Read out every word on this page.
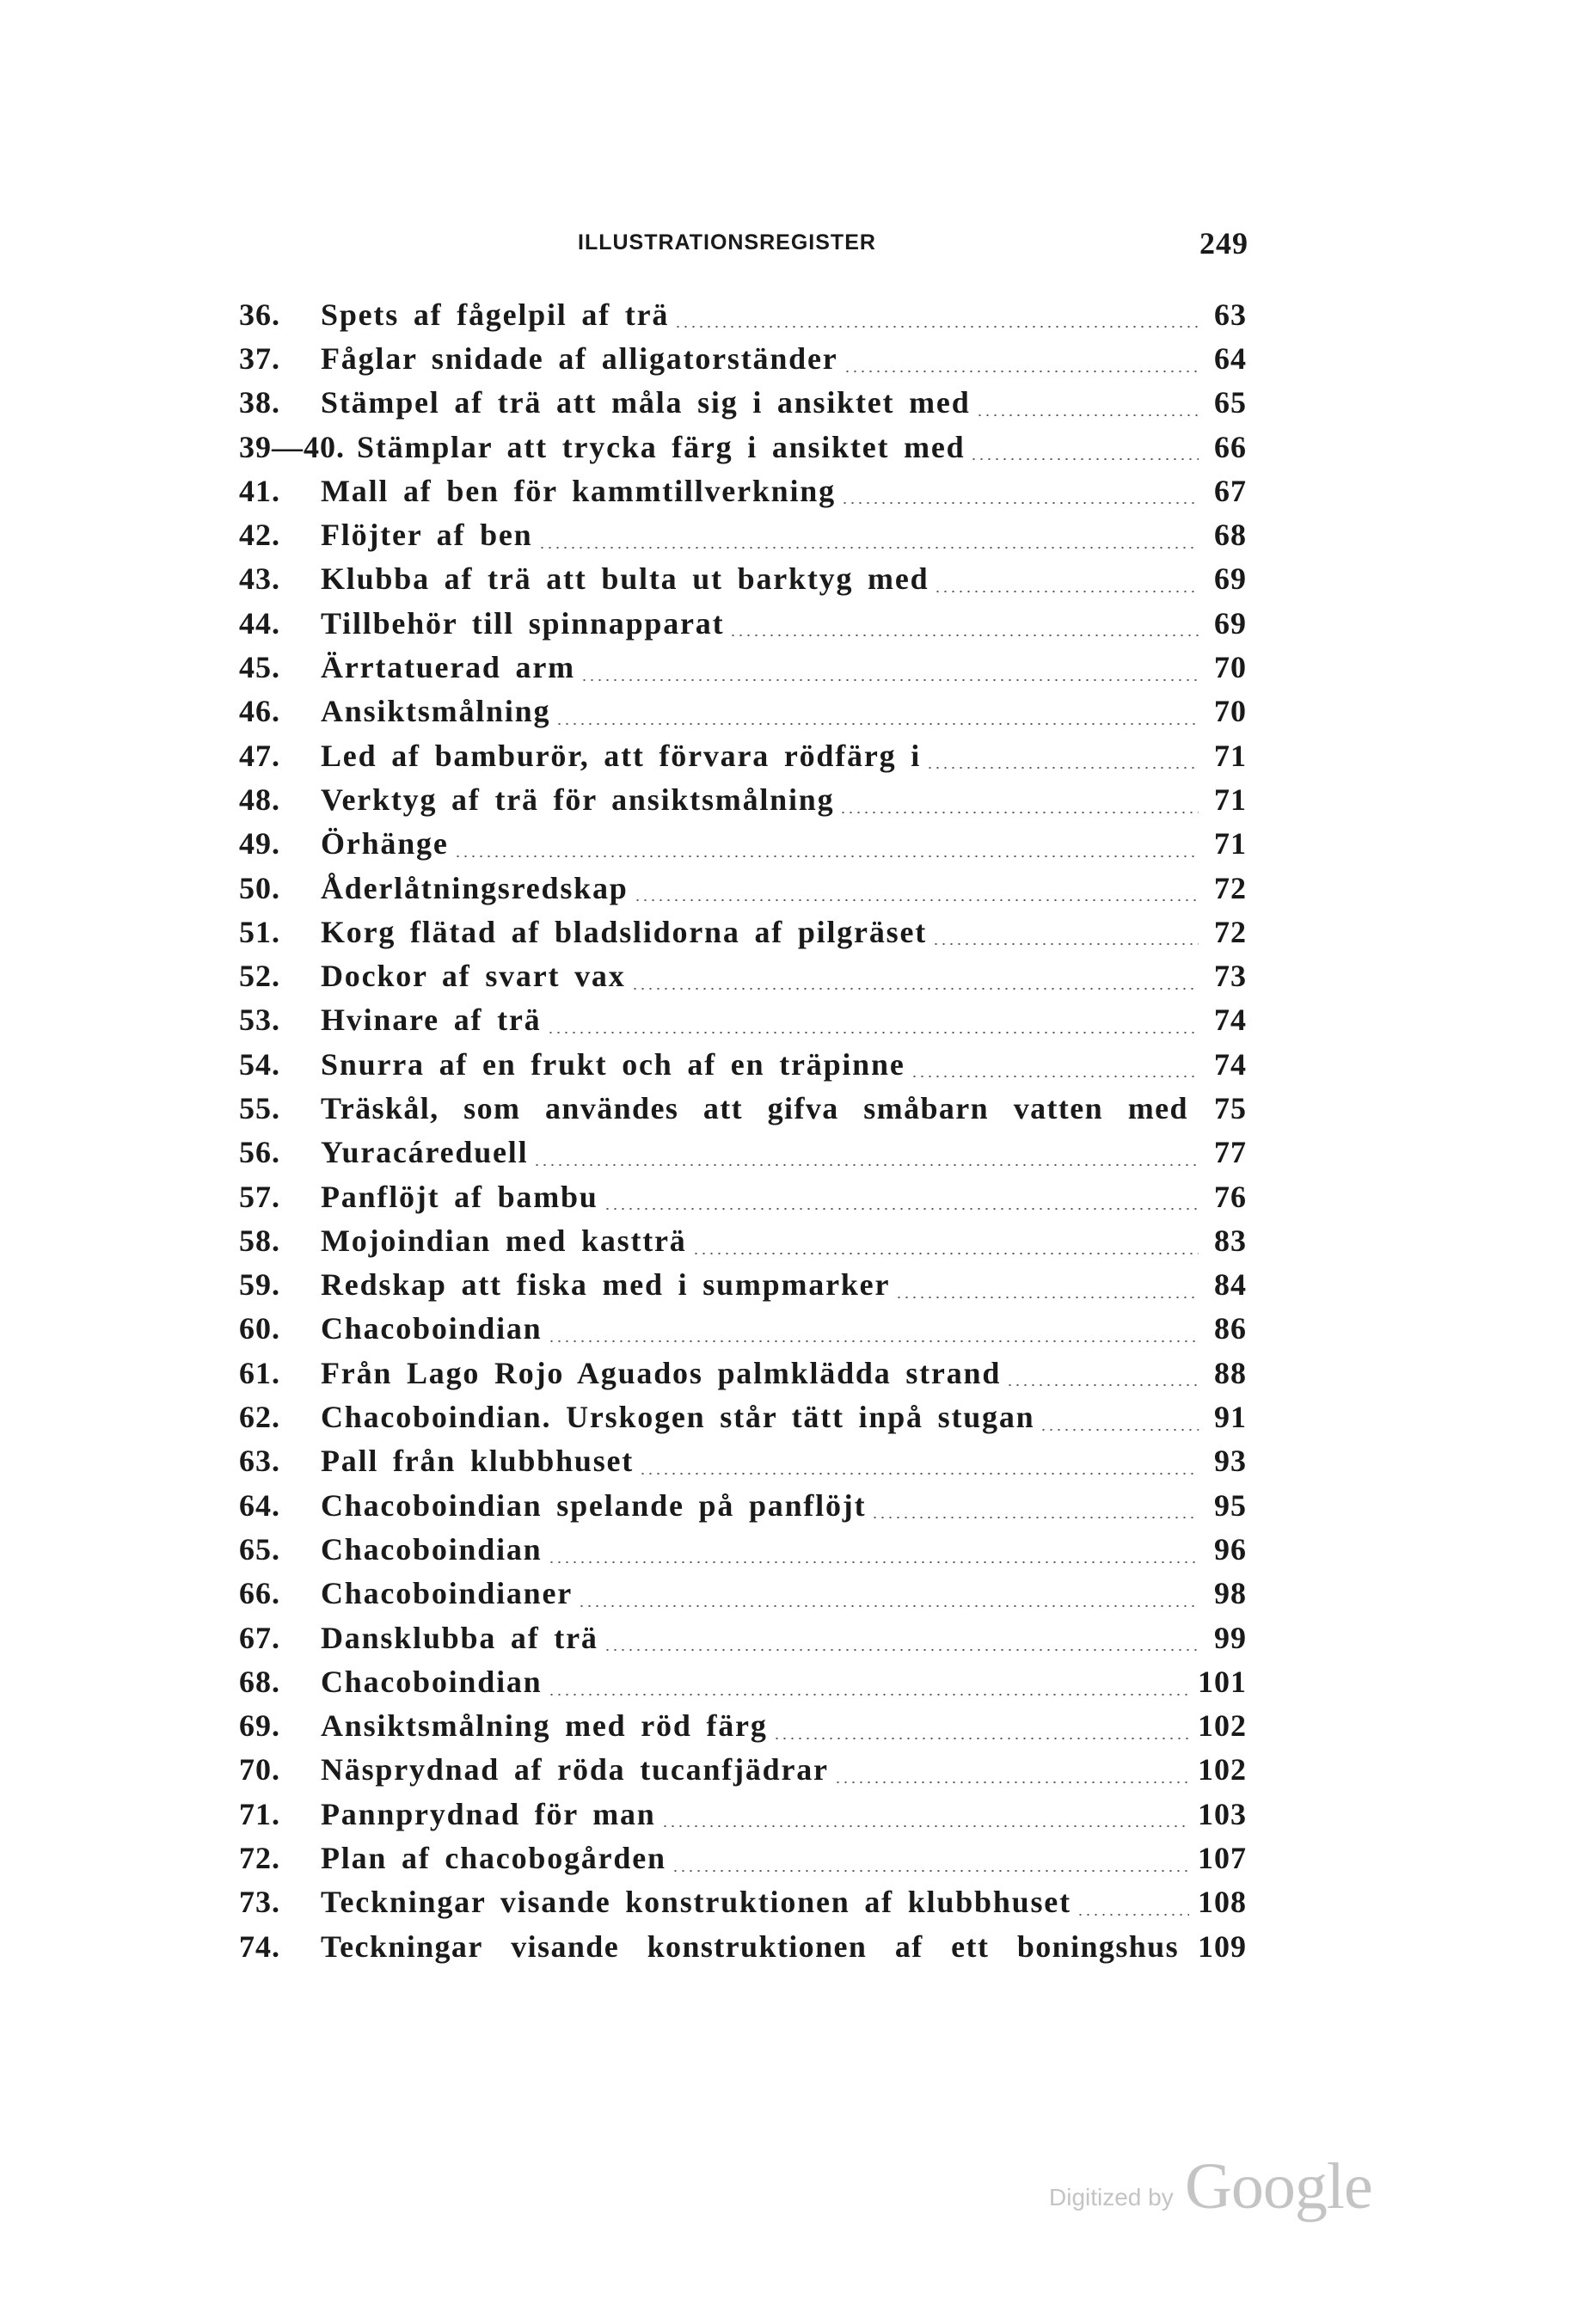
ILLUSTRATIONSREGISTER	249
36.	Spets af fågelpil af trä	63
37.	Fåglar snidade af alligatorständer	64
38.	Stämpel af trä att måla sig i ansiktet med	65
39—40. Stämplar att trycka färg i ansiktet med	66
41.	Mall af ben för kammtillverkning	67
42.	Flöjter af ben	68
43.	Klubba af trä att bulta ut barktyg med	69
44.	Tillbehör till spinnapparat	69
45.	Ärrtatuerad arm	70
46.	Ansiktsmålning	70
47.	Led af bamburör, att förvara rödfärg i	71
48.	Verktyg af trä för ansiktsmålning	71
49.	Örhänge	71
50.	Åderlåtningsredskap	72
51.	Korg flätad af bladslidorna af pilgräset	72
52.	Dockor af svart vax	73
53.	Hvinare af trä	74
54.	Snurra af en frukt och af en träpinne	74
55.	Träskål, som användes att gifva småbarn vatten med 75
56.	Yuracáreduell	77
57.	Panflöjt af bambu	76
58.	Mojoindian med kastträ	83
59.	Redskap att fiska med i sumpmarker	84
60.	Chacoboindian	86
61.	Från Lago Rojo Aguados palmklädda strand	88
62.	Chacoboindian. Urskogen står tätt inpå stugan	91
63.	Pall från klubbhuset	93
64.	Chacoboindian spelande på panflöjt	95
65.	Chacoboindian	96
66.	Chacoboindianer	98
67.	Dansklubba af trä	99
68.	Chacoboindian	101
69.	Ansiktsmålning med röd färg	102
70.	Näsprydnad af röda tucanfjädrar	102
71.	Pannprydnad för man	103
72.	Plan af chacobogården	107
73.	Teckningar visande konstruktionen af klubbhuset	108
74.	Teckningar visande konstruktionen af ett boningshus 109
Digitized by Google
